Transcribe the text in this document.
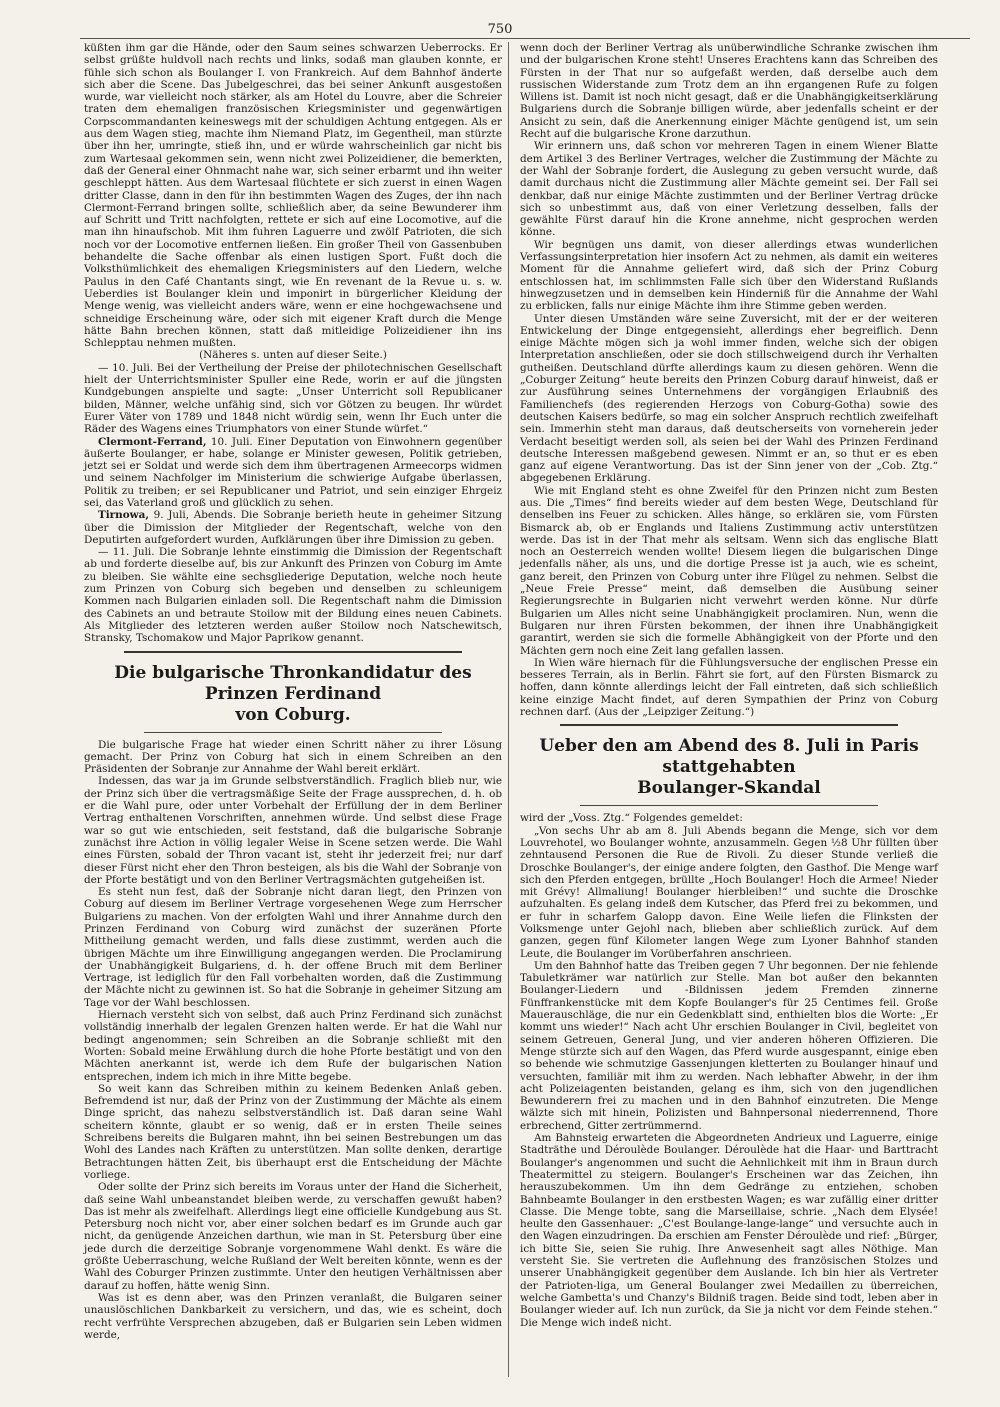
750

küßten ihm gar die Hände, oder den Saum seines schwarzen Ueberrocks. Er selbst grüßte huldvoll nach rechts und links, sodaß man glauben konnte, er fühle sich schon als Boulanger I. von Frankreich. Auf dem Bahnhof änderte sich aber die Scene. Das Jubelgeschrei, das bei seiner Ankunft ausgestoßen wurde, war vielleicht noch stärker, als am Hotel du Louvre, aber die Schreier traten dem ehemaligen französischen Kriegsminister und gegenwärtigen Corpscommandanten keineswegs mit der schuldigen Achtung entgegen. Als er aus dem Wagen stieg, machte ihm Niemand Platz, im Gegentheil, man stürzte über ihn her, umringte, stieß ihn, und er würde wahrscheinlich gar nicht bis zum Wartesaal gekommen sein, wenn nicht zwei Polizeidiener, die bemerkten, daß der General einer Ohnmacht nahe war, sich seiner erbarmt und ihn weiter geschleppt hätten. Aus dem Wartesaal flüchtete er sich zuerst in einen Wagen dritter Classe, dann in den für ihn bestimmten Wagen des Zuges, der ihn nach Clermont-Ferrand bringen sollte, schließlich aber, da seine Bewunderer ihm auf Schritt und Tritt nachfolgten, rettete er sich auf eine Locomotive, auf die man ihn hinaufschob. Mit ihm fuhren Laguerre und zwölf Patrioten, die sich noch vor der Locomotive entfernen ließen. Ein großer Theil von Gassenbuben behandelte die Sache offenbar als einen lustigen Sport. Fußt doch die Volksthümlichkeit des ehemaligen Kriegsministers auf den Liedern, welche Paulus in den Café Chantants singt, wie En revenant de la Revue u. s. w. Ueberdies ist Boulanger klein und imponirt in bürgerlicher Kleidung der Menge wenig, was vielleicht anders wäre, wenn er eine hochgewachsene und schneidige Erscheinung wäre, oder sich mit eigener Kraft durch die Menge hätte Bahn brechen können, statt daß mitleidige Polizeidiener ihn ins Schlepptau nehmen mußten.

(Näheres s. unten auf dieser Seite.)

— 10. Juli. Bei der Vertheilung der Preise der philotechnischen Gesellschaft hielt der Unterrichtsminister Spuller eine Rede, worin er auf die jüngsten Kundgebungen anspielte und sagte: „Unser Unterricht soll Republicaner bilden, Männer, welche unfähig sind, sich vor Götzen zu beugen. Ihr würdet Eurer Väter von 1789 und 1848 nicht würdig sein, wenn Ihr Euch unter die Räder des Wagens eines Triumphators von einer Stunde würfet.“

Clermont-Ferrand, 10. Juli. Einer Deputation von Einwohnern gegenüber äußerte Boulanger, er habe, solange er Minister gewesen, Politik getrieben, jetzt sei er Soldat und werde sich dem ihm übertragenen Armeecorps widmen und seinem Nachfolger im Ministerium die schwierige Aufgabe überlassen, Politik zu treiben; er sei Republicaner und Patriot, und sein einziger Ehrgeiz sei, das Vaterland groß und glücklich zu sehen.

Tirnowa, 9. Juli, Abends. Die Sobranje berieth heute in geheimer Sitzung über die Dimission der Mitglieder der Regentschaft, welche von den Deputirten aufgefordert wurden, Aufklärungen über ihre Dimission zu geben.

— 11. Juli. Die Sobranje lehnte einstimmig die Dimission der Regentschaft ab und forderte dieselbe auf, bis zur Ankunft des Prinzen von Coburg im Amte zu bleiben. Sie wählte eine sechsgliederige Deputation, welche noch heute zum Prinzen von Coburg sich begeben und denselben zu schleunigem Kommen nach Bulgarien einladen soll. Die Regentschaft nahm die Dimission des Cabinets an und betraute Stoilow mit der Bildung eines neuen Cabinets. Als Mitglieder des letzteren werden außer Stoilow noch Natschewitsch, Stransky, Tschomakow und Major Paprikow genannt.

Die bulgarische Thronkandidatur des Prinzen Ferdinand
von Coburg.

Die bulgarische Frage hat wieder einen Schritt näher zu ihrer Lösung gemacht. Der Prinz von Coburg hat sich in einem Schreiben an den Präsidenten der Sobranje zur Annahme der Wahl bereit erklärt.

Indessen, das war ja im Grunde selbstverständlich. Fraglich blieb nur, wie der Prinz sich über die vertragsmäßige Seite der Frage aussprechen, d. h. ob er die Wahl pure, oder unter Vorbehalt der Erfüllung der in dem Berliner Vertrag enthaltenen Vorschriften, annehmen würde. Und selbst diese Frage war so gut wie entschieden, seit feststand, daß die bulgarische Sobranje zunächst ihre Action in völlig legaler Weise in Scene setzen werde. Die Wahl eines Fürsten, sobald der Thron vacant ist, steht ihr jederzeit frei; nur darf dieser Fürst nicht eher den Thron besteigen, als bis die Wahl der Sobranje von der Pforte bestätigt und von den Berliner Vertragsmächten gutgeheißen ist.

Es steht nun fest, daß der Sobranje nicht daran liegt, den Prinzen von Coburg auf diesem im Berliner Vertrage vorgesehenen Wege zum Herrscher Bulgariens zu machen. Von der erfolgten Wahl und ihrer Annahme durch den Prinzen Ferdinand von Coburg wird zunächst der suzeränen Pforte Mittheilung gemacht werden, und falls diese zustimmt, werden auch die übrigen Mächte um ihre Einwilligung angegangen werden. Die Proclamirung der Unabhängigkeit Bulgariens, d. h. der offene Bruch mit dem Berliner Vertrage, ist lediglich für den Fall vorbehalten worden, daß die Zustimmung der Mächte nicht zu gewinnen ist. So hat die Sobranje in geheimer Sitzung am Tage vor der Wahl beschlossen.

Hiernach versteht sich von selbst, daß auch Prinz Ferdinand sich zunächst vollständig innerhalb der legalen Grenzen halten werde. Er hat die Wahl nur bedingt angenommen; sein Schreiben an die Sobranje schließt mit den Worten: Sobald meine Erwählung durch die hohe Pforte bestätigt und von den Mächten anerkannt ist, werde ich dem Rufe der bulgarischen Nation entsprechen, indem ich mich in ihre Mitte begebe.

So weit kann das Schreiben mithin zu keinem Bedenken Anlaß geben. Befremdend ist nur, daß der Prinz von der Zustimmung der Mächte als einem Dinge spricht, das nahezu selbstverständlich ist. Daß daran seine Wahl scheitern könnte, glaubt er so wenig, daß er in ersten Theile seines Schreibens bereits die Bulgaren mahnt, ihn bei seinen Bestrebungen um das Wohl des Landes nach Kräften zu unterstützen. Man sollte denken, derartige Betrachtungen hätten Zeit, bis überhaupt erst die Entscheidung der Mächte vorliege.

Oder sollte der Prinz sich bereits im Voraus unter der Hand die Sicherheit, daß seine Wahl unbeanstandet bleiben werde, zu verschaffen gewußt haben? Das ist mehr als zweifelhaft. Allerdings liegt eine officielle Kundgebung aus St. Petersburg noch nicht vor, aber einer solchen bedarf es im Grunde auch gar nicht, da genügende Anzeichen darthun, wie man in St. Petersburg über eine jede durch die derzeitige Sobranje vorgenommene Wahl denkt. Es wäre die größte Ueberraschung, welche Rußland der Welt bereiten könnte, wenn es der Wahl des Coburger Prinzen zustimmte. Unter den heutigen Verhältnissen aber darauf zu hoffen, hätte wenig Sinn.

Was ist es denn aber, was den Prinzen veranlaßt, die Bulgaren seiner unauslöschlichen Dankbarkeit zu versichern, und das, wie es scheint, doch recht verfrühte Versprechen abzugeben, daß er Bulgarien sein Leben widmen werde,

wenn doch der Berliner Vertrag als unüberwindliche Schranke zwischen ihm und der bulgarischen Krone steht! Unseres Erachtens kann das Schreiben des Fürsten in der That nur so aufgefaßt werden, daß derselbe auch dem russischen Widerstande zum Trotz dem an ihn ergangenen Rufe zu folgen Willens ist. Damit ist noch nicht gesagt, daß er die Unabhängigkeitserklärung Bulgariens durch die Sobranje billigen würde, aber jedenfalls scheint er der Ansicht zu sein, daß die Anerkennung einiger Mächte genügend ist, um sein Recht auf die bulgarische Krone darzuthun.

Wir erinnern uns, daß schon vor mehreren Tagen in einem Wiener Blatte dem Artikel 3 des Berliner Vertrages, welcher die Zustimmung der Mächte zu der Wahl der Sobranje fordert, die Auslegung zu geben versucht wurde, daß damit durchaus nicht die Zustimmung aller Mächte gemeint sei. Der Fall sei denkbar, daß nur einige Mächte zustimmten und der Berliner Vertrag drücke sich so unbestimmt aus, daß von einer Verletzung desselben, falls der gewählte Fürst darauf hin die Krone annehme, nicht gesprochen werden könne.

Wir begnügen uns damit, von dieser allerdings etwas wunderlichen Verfassungsinterpretation hier insofern Act zu nehmen, als damit ein weiteres Moment für die Annahme geliefert wird, daß sich der Prinz Coburg entschlossen hat, im schlimmsten Falle sich über den Widerstand Rußlands hinwegzusetzen und in demselben kein Hinderniß für die Annahme der Wahl zu erblicken, falls nur einige Mächte ihm ihre Stimme geben werden.

Unter diesen Umständen wäre seine Zuversicht, mit der er der weiteren Entwickelung der Dinge entgegensieht, allerdings eher begreiflich. Denn einige Mächte mögen sich ja wohl immer finden, welche sich der obigen Interpretation anschließen, oder sie doch stillschweigend durch ihr Verhalten gutheißen. Deutschland dürfte allerdings kaum zu diesen gehören. Wenn die „Coburger Zeitung“ heute bereits den Prinzen Coburg darauf hinweist, daß er zur Ausführung seines Unternehmens der vorgängigen Erlaubniß des Familienchefs (des regierenden Herzogs von Coburg-Gotha) sowie des deutschen Kaisers bedürfe, so mag ein solcher Anspruch rechtlich zweifelhaft sein. Immerhin steht man daraus, daß deutscherseits von vorneherein jeder Verdacht beseitigt werden soll, als seien bei der Wahl des Prinzen Ferdinand deutsche Interessen maßgebend gewesen. Nimmt er an, so thut er es eben ganz auf eigene Verantwortung. Das ist der Sinn jener von der „Cob. Ztg.“ abgegebenen Erklärung.

Wie mit England steht es ohne Zweifel für den Prinzen nicht zum Besten aus. Die „Times“ find bereits wieder auf dem besten Wege, Deutschland für denselben ins Feuer zu schicken. Alles hänge, so erklären sie, vom Fürsten Bismarck ab, ob er Englands und Italiens Zustimmung activ unterstützen werde. Das ist in der That mehr als seltsam. Wenn sich das englische Blatt noch an Oesterreich wenden wollte! Diesem liegen die bulgarischen Dinge jedenfalls näher, als uns, und die dortige Presse ist ja auch, wie es scheint, ganz bereit, den Prinzen von Coburg unter ihre Flügel zu nehmen. Selbst die „Neue Freie Presse“ meint, daß demselben die Ausübung seiner Regierungsrechte in Bulgarien nicht verwehrt werden könne. Nur dürfe Bulgarien um Alles nicht seine Unabhängigkeit proclamiren. Nun, wenn die Bulgaren nur ihren Fürsten bekommen, der ihnen ihre Unabhängigkeit garantirt, werden sie sich die formelle Abhängigkeit von der Pforte und den Mächten gern noch eine Zeit lang gefallen lassen.

In Wien wäre hiernach für die Fühlungsversuche der englischen Presse ein besseres Terrain, als in Berlin. Fährt sie fort, auf den Fürsten Bismarck zu hoffen, dann könnte allerdings leicht der Fall eintreten, daß sich schließlich keine einzige Macht findet, auf deren Sympathien der Prinz von Coburg rechnen darf. (Aus der „Leipziger Zeitung.“)

Ueber den am Abend des 8. Juli in Paris stattgehabten
Boulanger-Skandal

wird der „Voss. Ztg.“ Folgendes gemeldet:

„Von sechs Uhr ab am 8. Juli Abends begann die Menge, sich vor dem Louvrehotel, wo Boulanger wohnte, anzusammeln. Gegen ½8 Uhr füllten über zehntausend Personen die Rue de Rivoli. Zu dieser Stunde verließ die Droschke Boulanger's, der einige andere folgten, den Gasthof. Die Menge warf sich den Pferden entgegen, brüllte „Hoch Boulanger! Hoch die Armee! Nieder mit Grévy! Allmaliung! Boulanger hierbleiben!“ und suchte die Droschke aufzuhalten. Es gelang indeß dem Kutscher, das Pferd frei zu bekommen, und er fuhr in scharfem Galopp davon. Eine Weile liefen die Flinksten der Volksmenge unter Gejohl nach, blieben aber schließlich zurück. Auf dem ganzen, gegen fünf Kilometer langen Wege zum Lyoner Bahnhof standen Leute, die Boulanger im Vorüberfahren anschrieen.

Um den Bahnhof hatte das Treiben gegen 7 Uhr begonnen. Der nie fehlende Tabuletkrämer war natürlich zur Stelle. Man bot außer den bekannten Boulanger-Liedern und -Bildnissen jedem Fremden zinnerne Fünffrankenstücke mit dem Kopfe Boulanger's für 25 Centimes feil. Große Mauerauschläge, die nur ein Gedenkblatt sind, enthielten blos die Worte: „Er kommt uns wieder!“ Nach acht Uhr erschien Boulanger in Civil, begleitet von seinem Getreuen, General Jung, und vier anderen höheren Offizieren. Die Menge stürzte sich auf den Wagen, das Pferd wurde ausgespannt, einige eben so behende wie schmutzige Gassenjungen kletterten zu Boulanger hinauf und versuchten, familiär mit ihm zu werden. Nach lebhafter Abwehr, in der ihm acht Polizeiagenten beistanden, gelang es ihm, sich von den jugendlichen Bewunderern frei zu machen und in den Bahnhof einzutreten. Die Menge wälzte sich mit hinein, Polizisten und Bahnpersonal niederrennend, Thore erbrechend, Gitter zertrümmernd.

Am Bahnsteig erwarteten die Abgeordneten Andrieux und Laguerre, einige Stadträthe und Déroulède Boulanger. Déroulède hat die Haar- und Barttracht Boulanger's angenommen und sucht die Aehnlichkeit mit ihm in Braun durch Theatermittel zu steigern. Boulanger's Erscheinen war das Zeichen, ihn herauszubekommen. Um ihn dem Gedränge zu entziehen, schoben Bahnbeamte Boulanger in den erstbesten Wagen; es war zufällig einer dritter Classe. Die Menge tobte, sang die Marseillaise, schrie. „Nach dem Elysée! heulte den Gassenhauer: „C'est Boulange-lange-lange“ und versuchte auch in den Wagen einzudringen. Da erschien am Fenster Déroulède und rief: „Bürger, ich bitte Sie, seien Sie ruhig. Ihre Anwesenheit sagt alles Nöthige. Man versteht Sie. Sie vertreten die Auflehnung des französischen Stolzes und unserer Unabhängigkeit gegenüber dem Auslande. Ich bin hier als Vertreter der Patrioten-liga, um General Boulanger zwei Medaillen zu überreichen, welche Gambetta's und Chanzy's Bildniß tragen. Beide sind todt, leben aber in Boulanger wieder auf. Ich nun zurück, da Sie ja nicht vor dem Feinde stehen.“ Die Menge wich indeß nicht.
